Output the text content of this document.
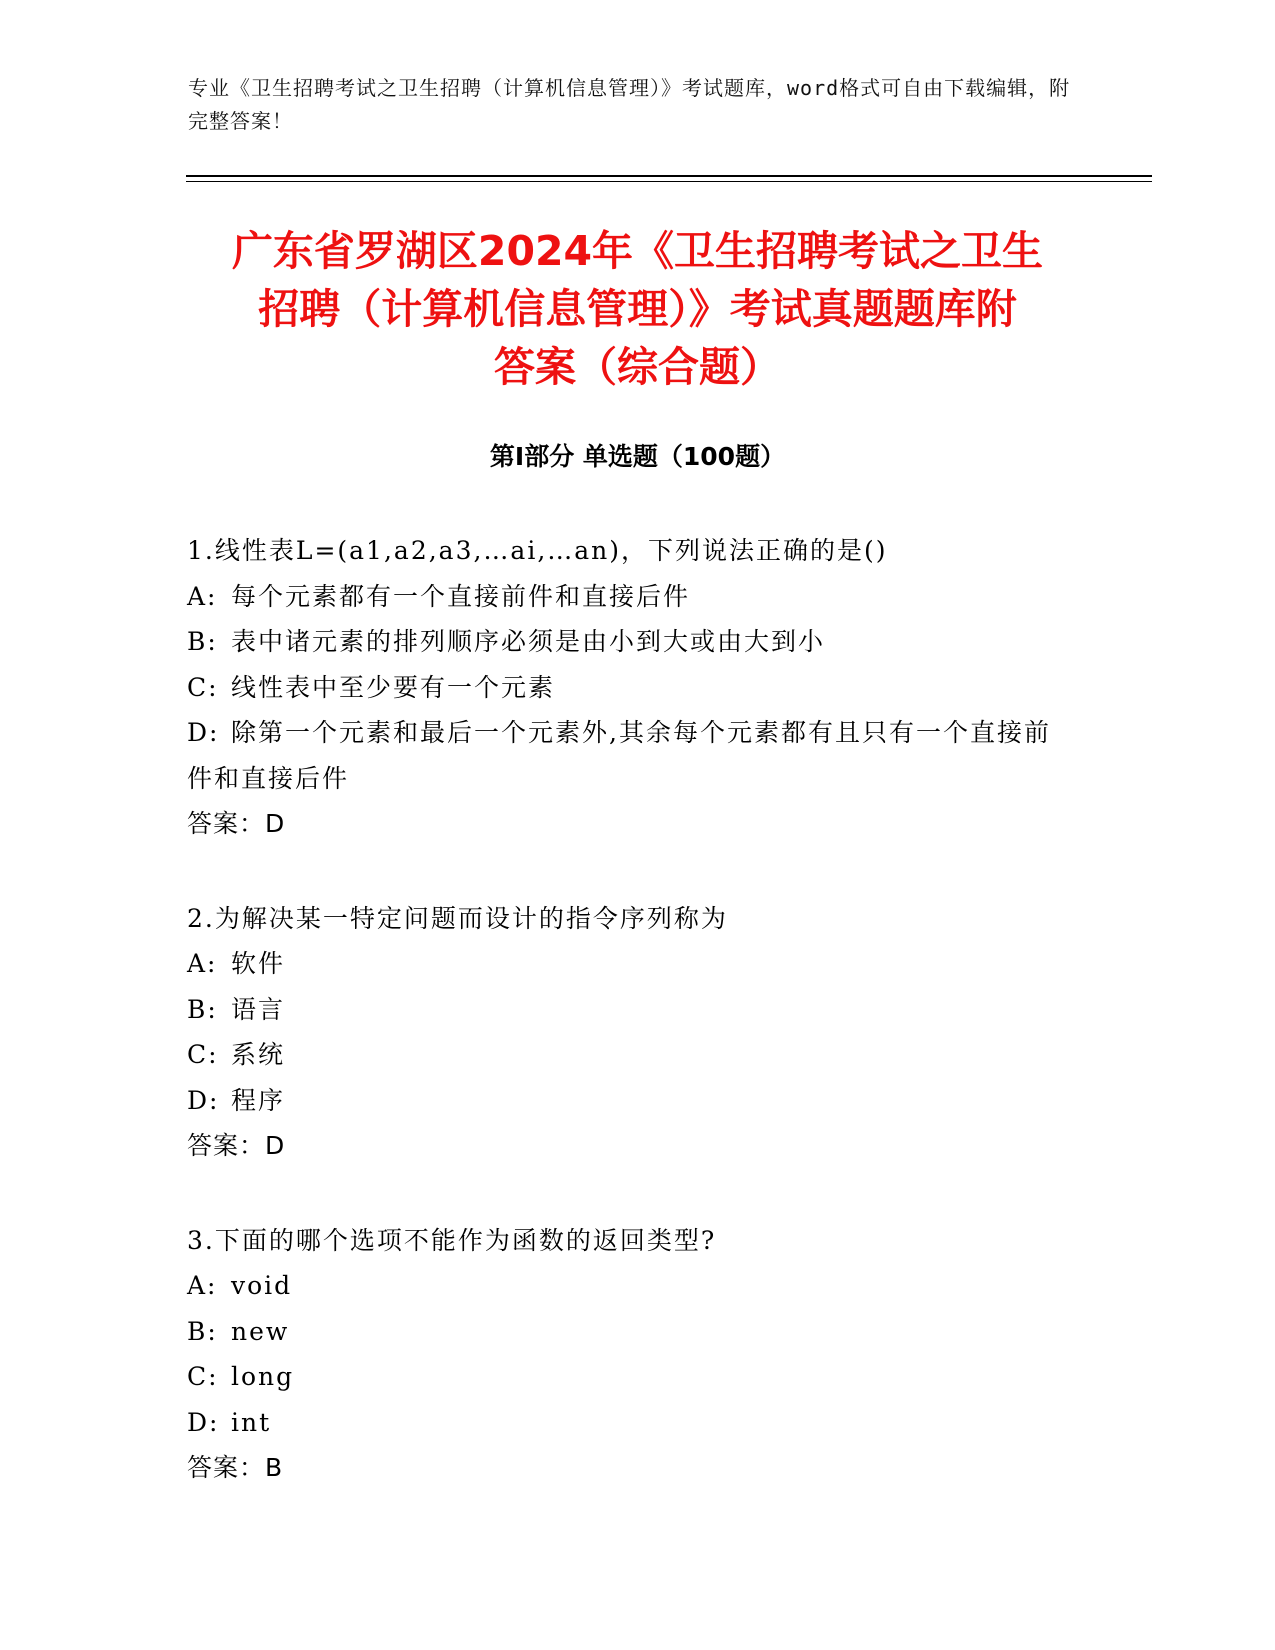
专业《卫生招聘考试之卫生招聘（计算机信息管理）》考试题库，word格式可自由下载编辑，附完整答案！
广东省罗湖区2024年《卫生招聘考试之卫生
招聘（计算机信息管理）》考试真题题库附
答案（综合题）
第Ⅰ部分 单选题（100题）
1.线性表L=(a1,a2,a3,…ai,…an)，下列说法正确的是()
A: 每个元素都有一个直接前件和直接后件
B: 表中诸元素的排列顺序必须是由小到大或由大到小
C: 线性表中至少要有一个元素
D: 除第一个元素和最后一个元素外,其余每个元素都有且只有一个直接前件和直接后件
答案：D
2.为解决某一特定问题而设计的指令序列称为
A: 软件
B: 语言
C: 系统
D: 程序
答案：D
3.下面的哪个选项不能作为函数的返回类型?
A: void
B: new
C: long
D: int
答案：B
